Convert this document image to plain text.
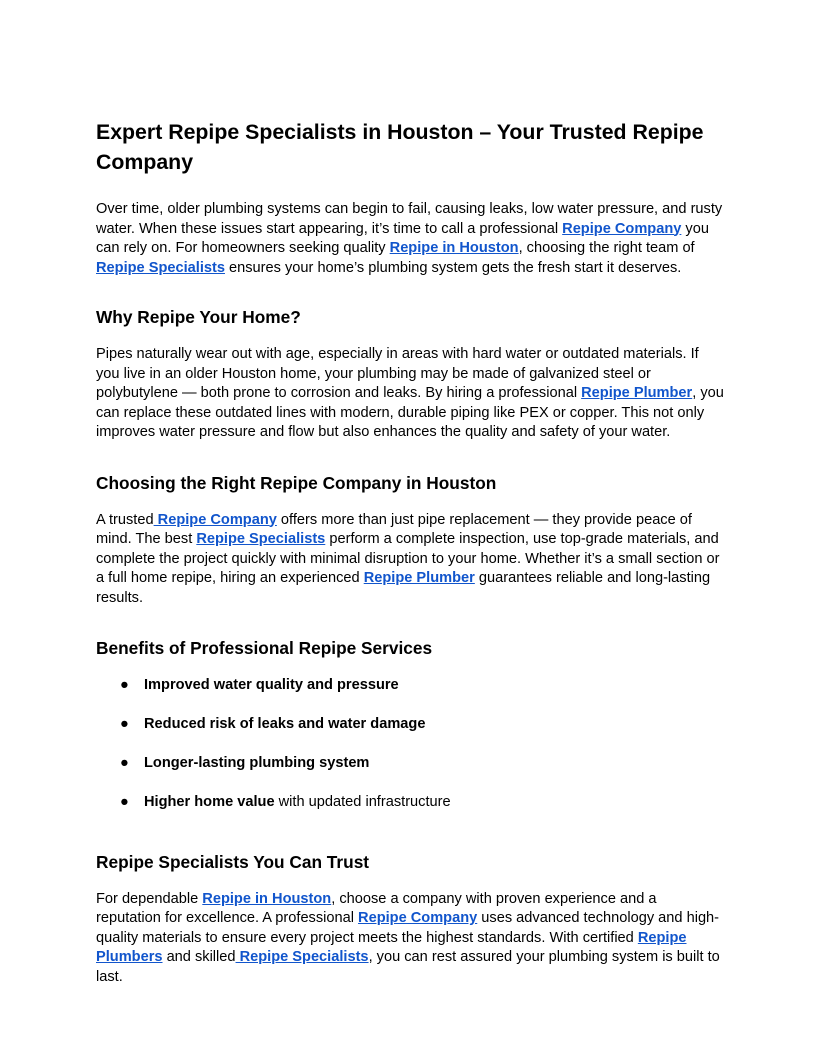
Expert Repipe Specialists in Houston – Your Trusted Repipe Company

Over time, older plumbing systems can begin to fail, causing leaks, low water pressure, and rusty water. When these issues start appearing, it’s time to call a professional Repipe Company you can rely on. For homeowners seeking quality Repipe in Houston, choosing the right team of Repipe Specialists ensures your home’s plumbing system gets the fresh start it deserves.

Why Repipe Your Home?

Pipes naturally wear out with age, especially in areas with hard water or outdated materials. If you live in an older Houston home, your plumbing may be made of galvanized steel or polybutylene — both prone to corrosion and leaks. By hiring a professional Repipe Plumber, you can replace these outdated lines with modern, durable piping like PEX or copper. This not only improves water pressure and flow but also enhances the quality and safety of your water.

Choosing the Right Repipe Company in Houston

A trusted Repipe Company offers more than just pipe replacement — they provide peace of mind. The best Repipe Specialists perform a complete inspection, use top-grade materials, and complete the project quickly with minimal disruption to your home. Whether it’s a small section or a full home repipe, hiring an experienced Repipe Plumber guarantees reliable and long-lasting results.

Benefits of Professional Repipe Services
● Improved water quality and pressure
● Reduced risk of leaks and water damage
● Longer-lasting plumbing system
● Higher home value with updated infrastructure
Repipe Specialists You Can Trust

For dependable Repipe in Houston, choose a company with proven experience and a reputation for excellence. A professional Repipe Company uses advanced technology and high-quality materials to ensure every project meets the highest standards. With certified Repipe Plumbers and skilled Repipe Specialists, you can rest assured your plumbing system is built to last.
